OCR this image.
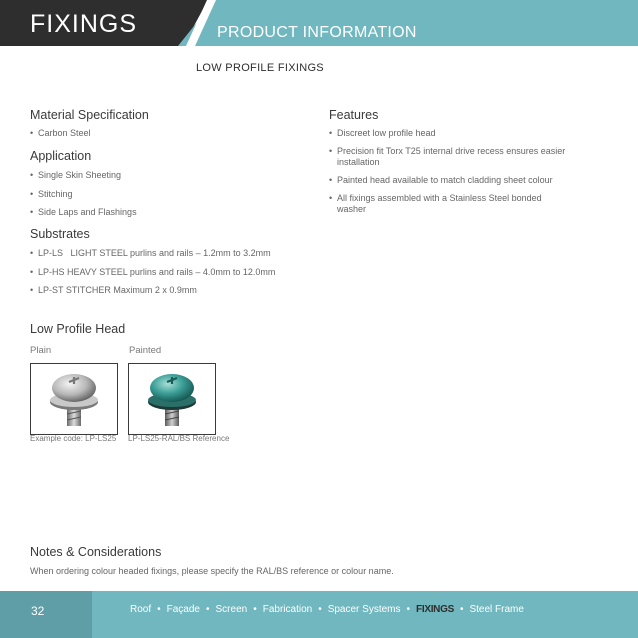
FIXINGS	PRODUCT INFORMATION
LOW PROFILE FIXINGS
Material Specification
• Carbon Steel
Application
• Single Skin Sheeting
• Stitching
• Side Laps and Flashings
Substrates
• LP-LS   LIGHT STEEL purlins and rails – 1.2mm to 3.2mm
• LP-HS HEAVY STEEL purlins and rails – 4.0mm to 12.0mm
• LP-ST STITCHER Maximum 2 x 0.9mm
Features
• Discreet low profile head
• Precision fit Torx T25 internal drive recess ensures easier installation
• Painted head available to match cladding sheet colour
• All fixings assembled with a Stainless Steel bonded washer
Low Profile Head
Plain	Painted
Example code: LP-LS25 LP-LS25-RAL/BS Reference
Notes & Considerations
When ordering colour headed fixings, please specify the RAL/BS reference or colour name.
32	Roof • Façade • Screen • Fabrication • Spacer Systems • FIXINGS • Steel Frame
